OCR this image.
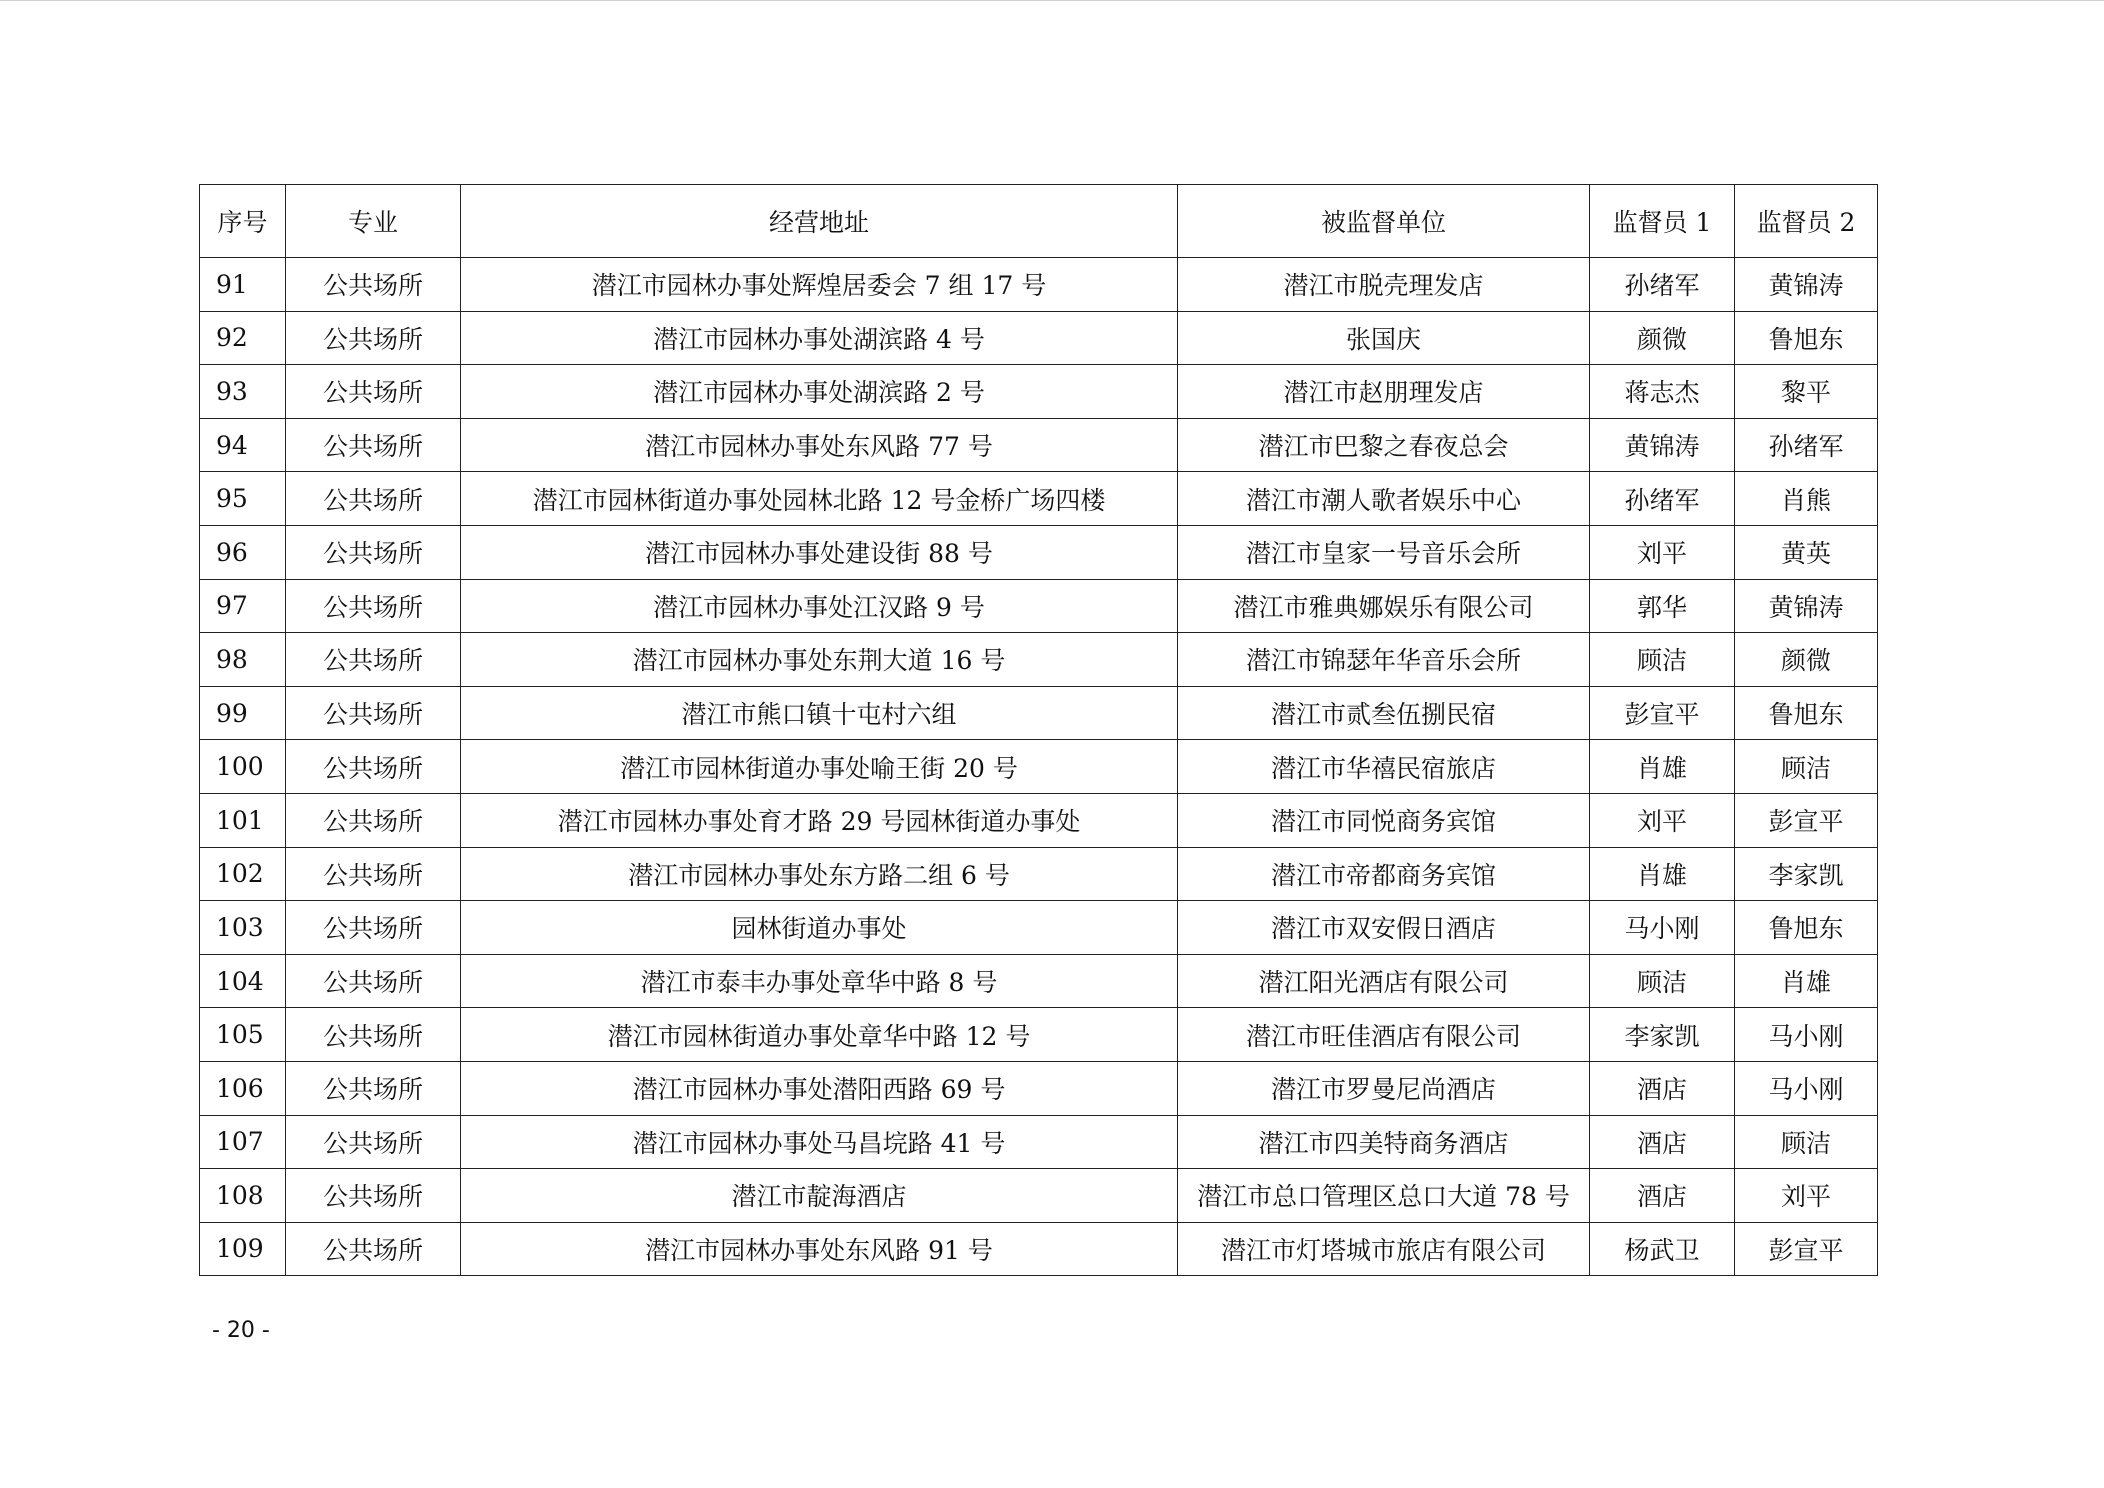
序号	专业	经营地址	被监督单位	监督员 1	监督员 2
91	公共场所	潜江市园林办事处辉煌居委会 7 组 17 号	潜江市脱壳理发店	孙绪军	黄锦涛
92	公共场所	潜江市园林办事处湖滨路 4 号	张国庆	颜微	鲁旭东
93	公共场所	潜江市园林办事处湖滨路 2 号	潜江市赵朋理发店	蒋志杰	黎平
94	公共场所	潜江市园林办事处东风路 77 号	潜江市巴黎之春夜总会	黄锦涛	孙绪军
95	公共场所	潜江市园林街道办事处园林北路 12 号金桥广场四楼	潜江市潮人歌者娱乐中心	孙绪军	肖熊
96	公共场所	潜江市园林办事处建设街 88 号	潜江市皇家一号音乐会所	刘平	黄英
97	公共场所	潜江市园林办事处江汉路 9 号	潜江市雅典娜娱乐有限公司	郭华	黄锦涛
98	公共场所	潜江市园林办事处东荆大道 16 号	潜江市锦瑟年华音乐会所	顾洁	颜微
99	公共场所	潜江市熊口镇十屯村六组	潜江市贰叁伍捌民宿	彭宣平	鲁旭东
100	公共场所	潜江市园林街道办事处喻王街 20 号	潜江市华禧民宿旅店	肖雄	顾洁
101	公共场所	潜江市园林办事处育才路 29 号园林街道办事处	潜江市同悦商务宾馆	刘平	彭宣平
102	公共场所	潜江市园林办事处东方路二组 6 号	潜江市帝都商务宾馆	肖雄	李家凯
103	公共场所	园林街道办事处	潜江市双安假日酒店	马小刚	鲁旭东
104	公共场所	潜江市泰丰办事处章华中路 8 号	潜江阳光酒店有限公司	顾洁	肖雄
105	公共场所	潜江市园林街道办事处章华中路 12 号	潜江市旺佳酒店有限公司	李家凯	马小刚
106	公共场所	潜江市园林办事处潜阳西路 69 号	潜江市罗曼尼尚酒店	酒店	马小刚
107	公共场所	潜江市园林办事处马昌垸路 41 号	潜江市四美特商务酒店	酒店	顾洁
108	公共场所	潜江市靛海酒店	潜江市总口管理区总口大道 78 号	酒店	刘平
109	公共场所	潜江市园林办事处东风路 91 号	潜江市灯塔城市旅店有限公司	杨武卫	彭宣平
- 20 -
